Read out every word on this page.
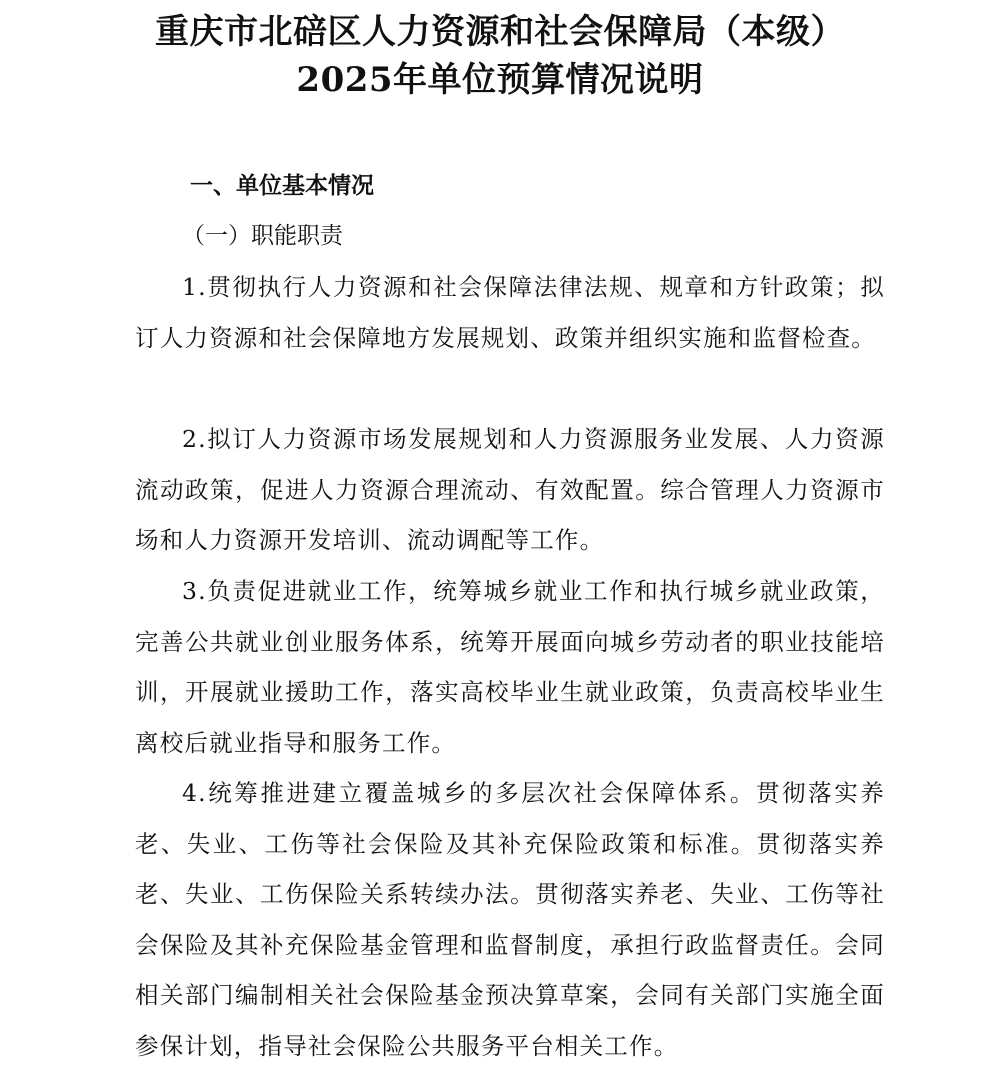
重庆市北碚区人力资源和社会保障局（本级）
2025年单位预算情况说明
一、单位基本情况
（一）职能职责

1.贯彻执行人力资源和社会保障法律法规、规章和方针政策；拟订人力资源和社会保障地方发展规划、政策并组织实施和监督检查。

2.拟订人力资源市场发展规划和人力资源服务业发展、人力资源流动政策，促进人力资源合理流动、有效配置。综合管理人力资源市场和人力资源开发培训、流动调配等工作。

3.负责促进就业工作，统筹城乡就业工作和执行城乡就业政策，完善公共就业创业服务体系，统筹开展面向城乡劳动者的职业技能培训，开展就业援助工作，落实高校毕业生就业政策，负责高校毕业生离校后就业指导和服务工作。

4.统筹推进建立覆盖城乡的多层次社会保障体系。贯彻落实养老、失业、工伤等社会保险及其补充保险政策和标准。贯彻落实养老、失业、工伤保险关系转续办法。贯彻落实养老、失业、工伤等社会保险及其补充保险基金管理和监督制度，承担行政监督责任。会同相关部门编制相关社会保险基金预决算草案，会同有关部门实施全面参保计划，指导社会保险公共服务平台相关工作。
